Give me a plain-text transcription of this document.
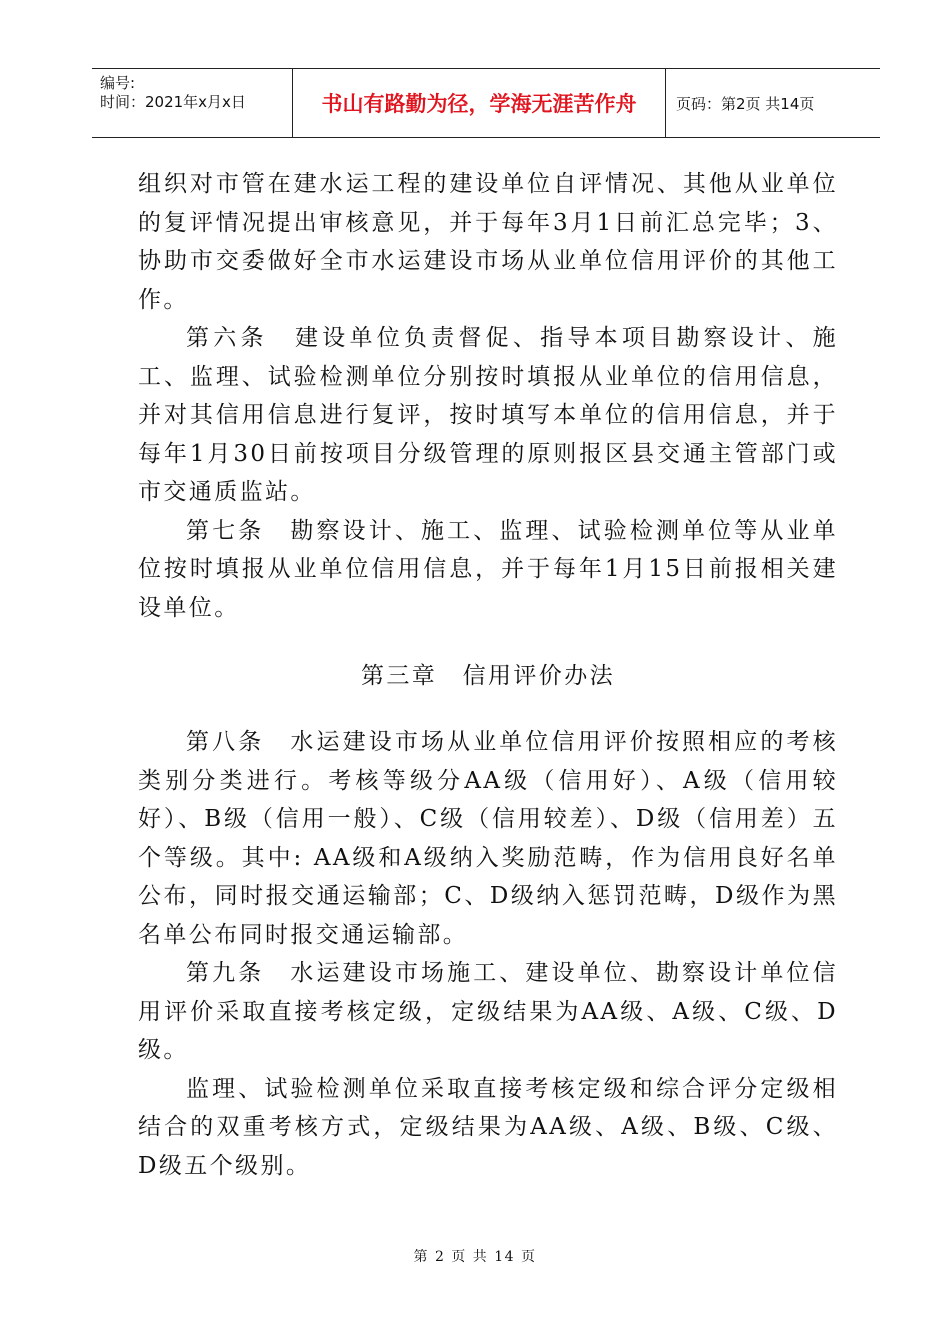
编号:
时间：2021年x月x日	书山有路勤为径，学海无涯苦作舟	页码：第2页 共14页

组织对市管在建水运工程的建设单位自评情况、其他从业单位的复评情况提出审核意见，并于每年3月1日前汇总完毕；3、协助市交委做好全市水运建设市场从业单位信用评价的其他工作。

第六条　建设单位负责督促、指导本项目勘察设计、施工、监理、试验检测单位分别按时填报从业单位的信用信息，并对其信用信息进行复评，按时填写本单位的信用信息，并于每年1月30日前按项目分级管理的原则报区县交通主管部门或市交通质监站。

第七条　勘察设计、施工、监理、试验检测单位等从业单位按时填报从业单位信用信息，并于每年1月15日前报相关建设单位。

第三章　信用评价办法

第八条　水运建设市场从业单位信用评价按照相应的考核类别分类进行。考核等级分AA级（信用好）、A级（信用较好）、B级（信用一般）、C级（信用较差）、D级（信用差）五个等级。其中: AA级和A级纳入奖励范畴，作为信用良好名单公布，同时报交通运输部；C、D级纳入惩罚范畴，D级作为黑名单公布同时报交通运输部。

第九条　水运建设市场施工、建设单位、勘察设计单位信用评价采取直接考核定级，定级结果为AA级、A级、C级、D级。

监理、试验检测单位采取直接考核定级和综合评分定级相结合的双重考核方式，定级结果为AA级、A级、B级、C级、D级五个级别。

第 2 页 共 14 页
